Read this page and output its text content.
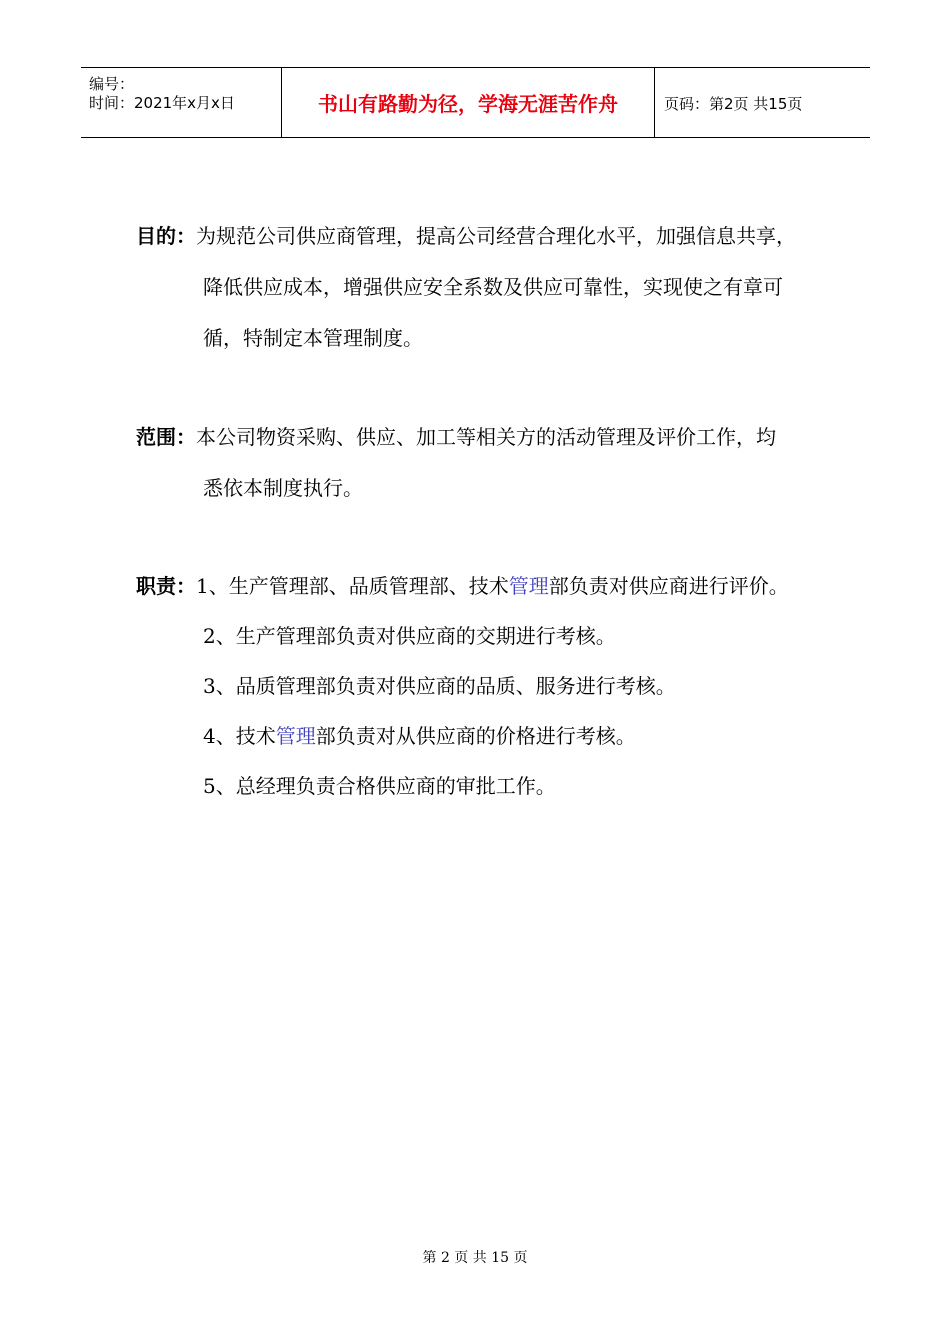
编号：
时间：2021年x月x日	书山有路勤为径，学海无涯苦作舟	页码：第2页 共15页
目的：为规范公司供应商管理，提高公司经营合理化水平，加强信息共享，
降低供应成本，增强供应安全系数及供应可靠性，实现使之有章可
循，特制定本管理制度。
范围：本公司物资采购、供应、加工等相关方的活动管理及评价工作，均
悉依本制度执行。
职责：1、生产管理部、品质管理部、技术管理部负责对供应商进行评价。
2、生产管理部负责对供应商的交期进行考核。
3、品质管理部负责对供应商的品质、服务进行考核。
4、技术管理部负责对从供应商的价格进行考核。
5、总经理负责合格供应商的审批工作。
第 2 页 共 15 页
